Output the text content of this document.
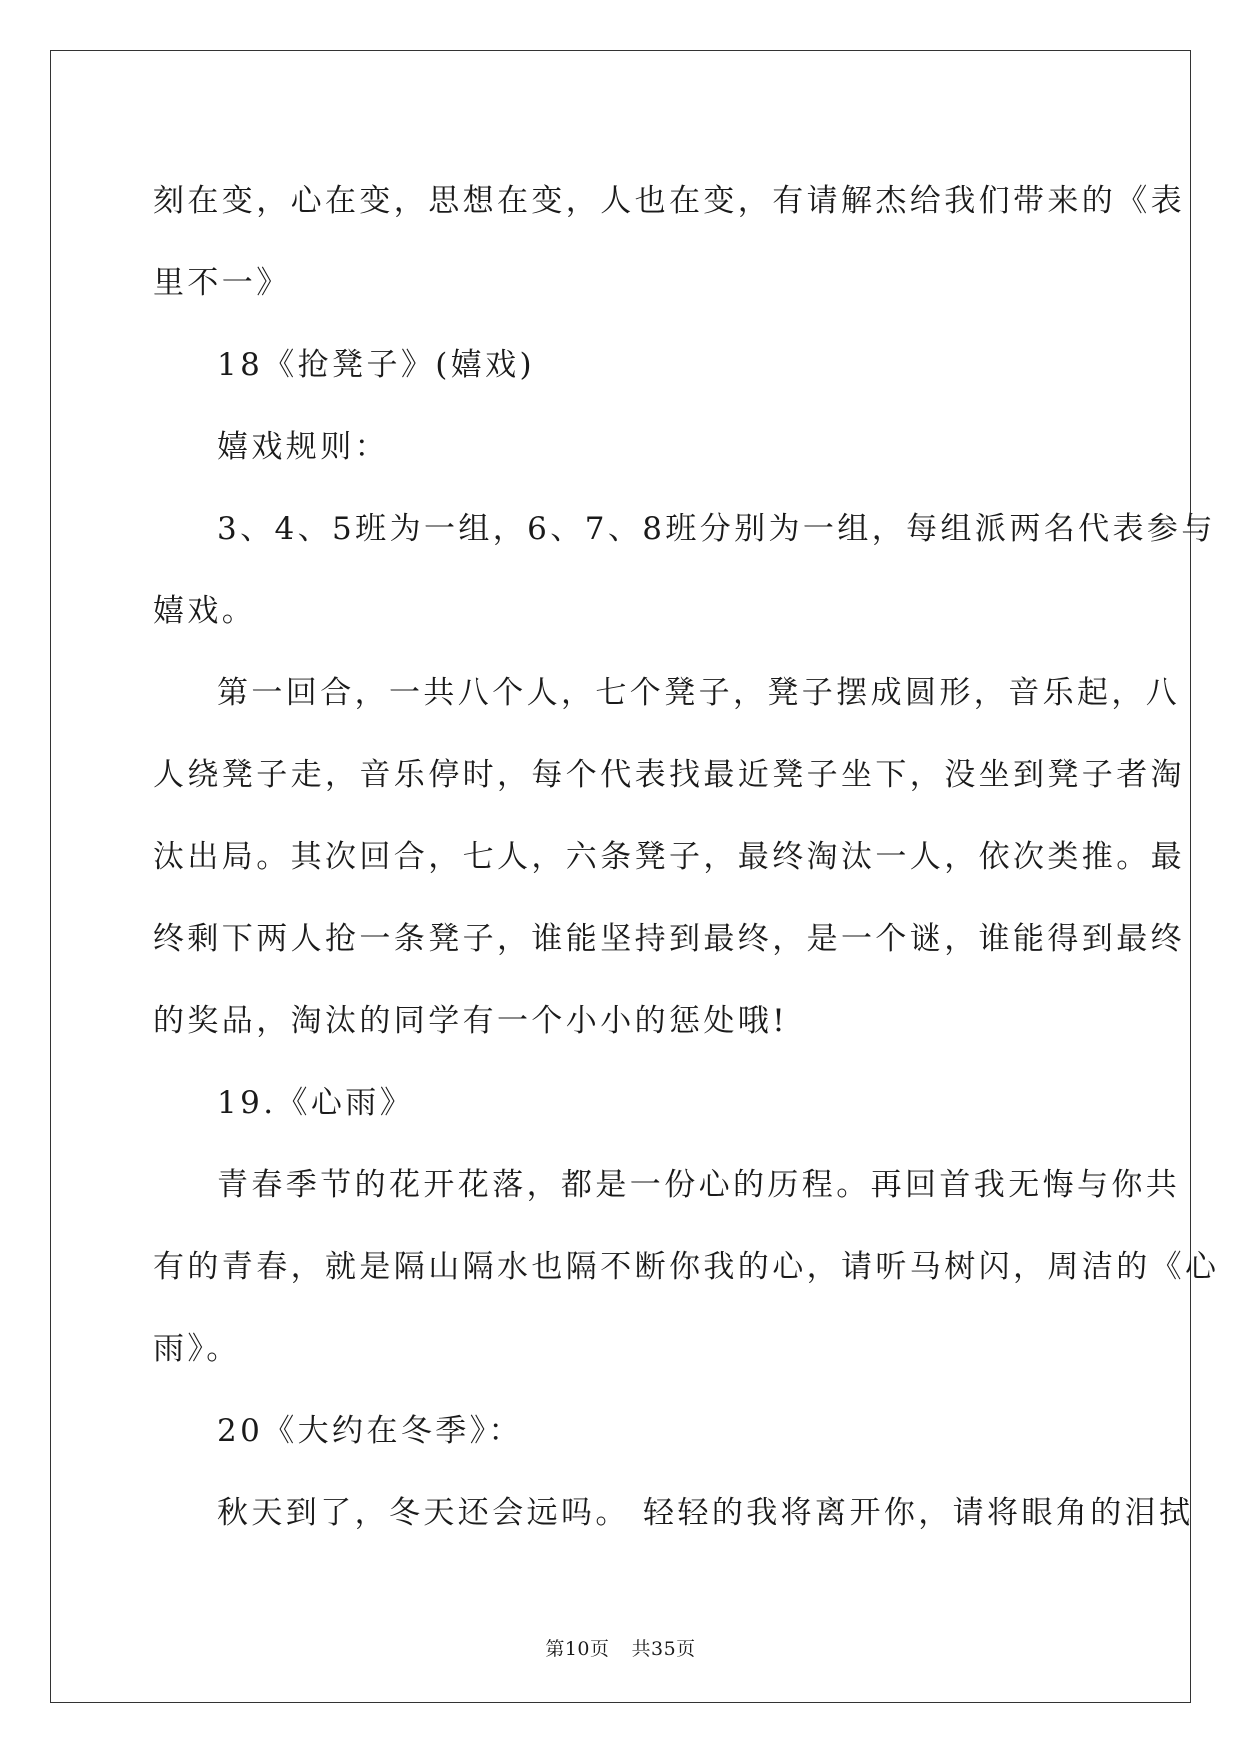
刻在变，心在变，思想在变，人也在变，有请解杰给我们带来的《表
里不一》

18《抢凳子》(嬉戏)

嬉戏规则：

3、4、5班为一组，6、7、8班分别为一组，每组派两名代表参与
嬉戏。

第一回合，一共八个人，七个凳子，凳子摆成圆形，音乐起，八
人绕凳子走，音乐停时，每个代表找最近凳子坐下，没坐到凳子者淘
汰出局。其次回合，七人，六条凳子，最终淘汰一人，依次类推。最
终剩下两人抢一条凳子，谁能坚持到最终，是一个谜，谁能得到最终
的奖品，淘汰的同学有一个小小的惩处哦!

19.《心雨》

青春季节的花开花落，都是一份心的历程。再回首我无悔与你共
有的青春，就是隔山隔水也隔不断你我的心，请听马树闪，周洁的《心
雨》。

20《大约在冬季》：

秋天到了，冬天还会远吗。 轻轻的我将离开你，请将眼角的泪拭

第10页 共35页
